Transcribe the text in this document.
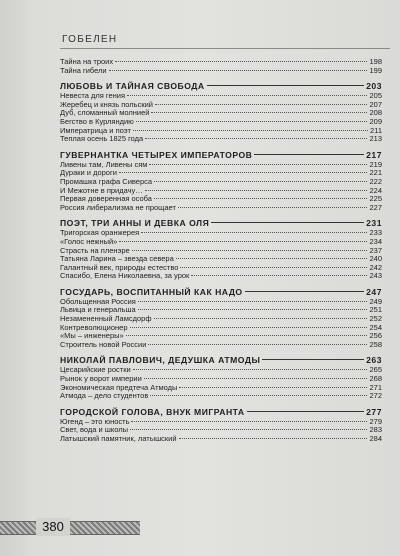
ГОБЕЛЕН
Тайна на троих	198
Тайна гибели	199
ЛЮБОВЬ И ТАЙНАЯ СВОБОДА	203
Невеста для гения	205
Жеребец и князь польский	207
Дуб, сломанный молнией	208
Бегство в Курляндию	209
Императрица и поэт	211
Теплая осень 1825 года	213
ГУВЕРНАНТКА ЧЕТЫРЕХ ИМПЕРАТОРОВ	217
Ливены там, Ливены сям	219
Дураки и дороги	221
Промашка графа Сиверса	222
И Межотне в придачу…	224
Первая доверенная особа	225
Россия либерализма не прощает	227
ПОЭТ, ТРИ АННЫ И ДЕВКА ОЛЯ	231
Тригорская оранжерея	233
«Голос нежный»	234
Страсть на пленэре	237
Татьяна Ларина – звезда севера	240
Галантный век, природы естество	242
Спасибо, Елена Николаевна, за урок	243
ГОСУДАРЬ, ВОСПИТАННЫЙ КАК НАДО	247
Обольщенная Россия	249
Львица и генеральша	251
Незамененный Ламсдорф	252
Контреволюционер	254
«Мы – инженеры»	256
Строитель новой России	258
НИКОЛАЙ ПАВЛОВИЧ, ДЕДУШКА АТМОДЫ	263
Цесарийские ростки	265
Рынок у ворот империи	268
Экономическая предтеча Атмоды	271
Атмода – дело студентов	272
ГОРОДСКОЙ ГОЛОВА, ВНУК МИГРАНТА	277
Югенд – это юность	279
Свет, вода и школы	283
Латышский памятник, латышский	284
380
